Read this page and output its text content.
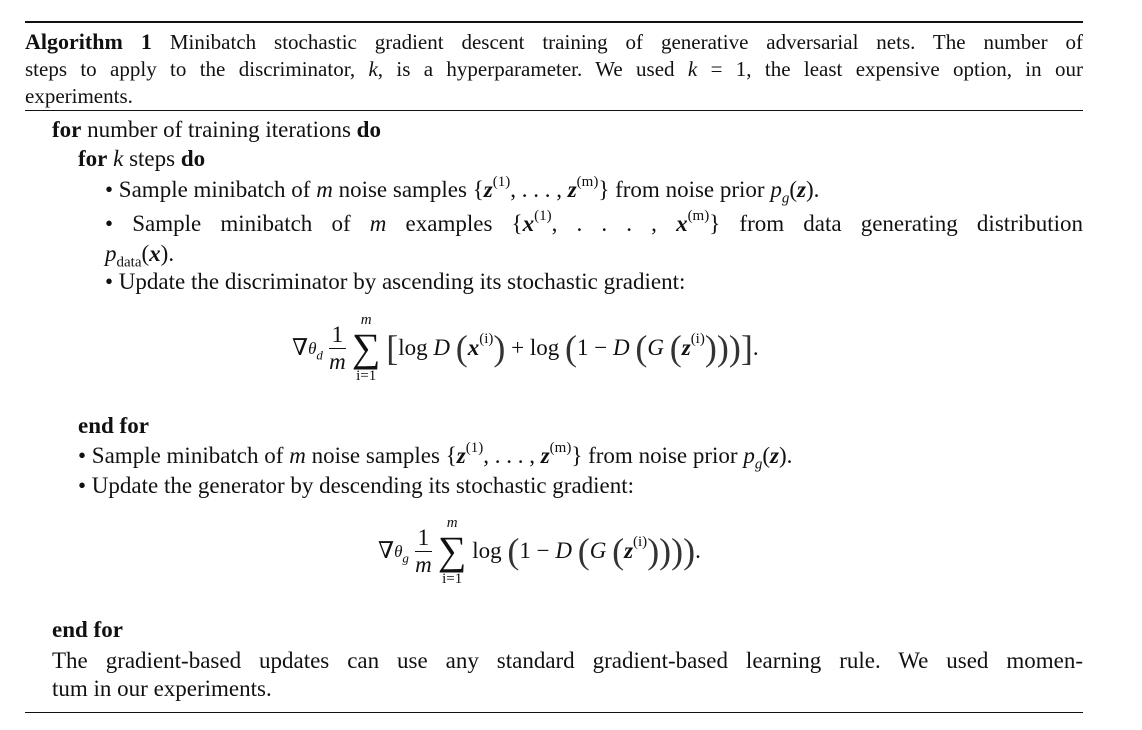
Algorithm 1 Minibatch stochastic gradient descent training of generative adversarial nets. The number of
steps to apply to the discriminator, k, is a hyperparameter. We used k = 1, the least expensive option, in our
experiments.
for number of training iterations do
for k steps do
• Sample minibatch of m noise samples {$z^{(1)}$, . . . , $z^{(m)}$} from noise prior $p_g(z)$.
• Sample minibatch of m examples {$x^{(1)}$, . . . , $x^{(m)}$} from data generating distribution
$p_{data}(x)$.
• Update the discriminator by ascending its stochastic gradient:
$\nabla\theta_d \frac{1}{m}$

m
∑
i=1
[log D $(x^{(i)}) + \log (1 - D$ (G $(z^{(i)})$))].
end for
• Sample minibatch of m noise samples {$z^{(1)}$, . . . , $z^{(m)}$} from noise prior $p_g(z)$.
• Update the generator by descending its stochastic gradient:
$\nabla\theta_g \frac{1}{m}$

m
∑
i=1
log (1 − D (G $(z^{(i)})$))).
end for
The gradient-based updates can use any standard gradient-based learning rule. We used momen-
tum in our experiments.
